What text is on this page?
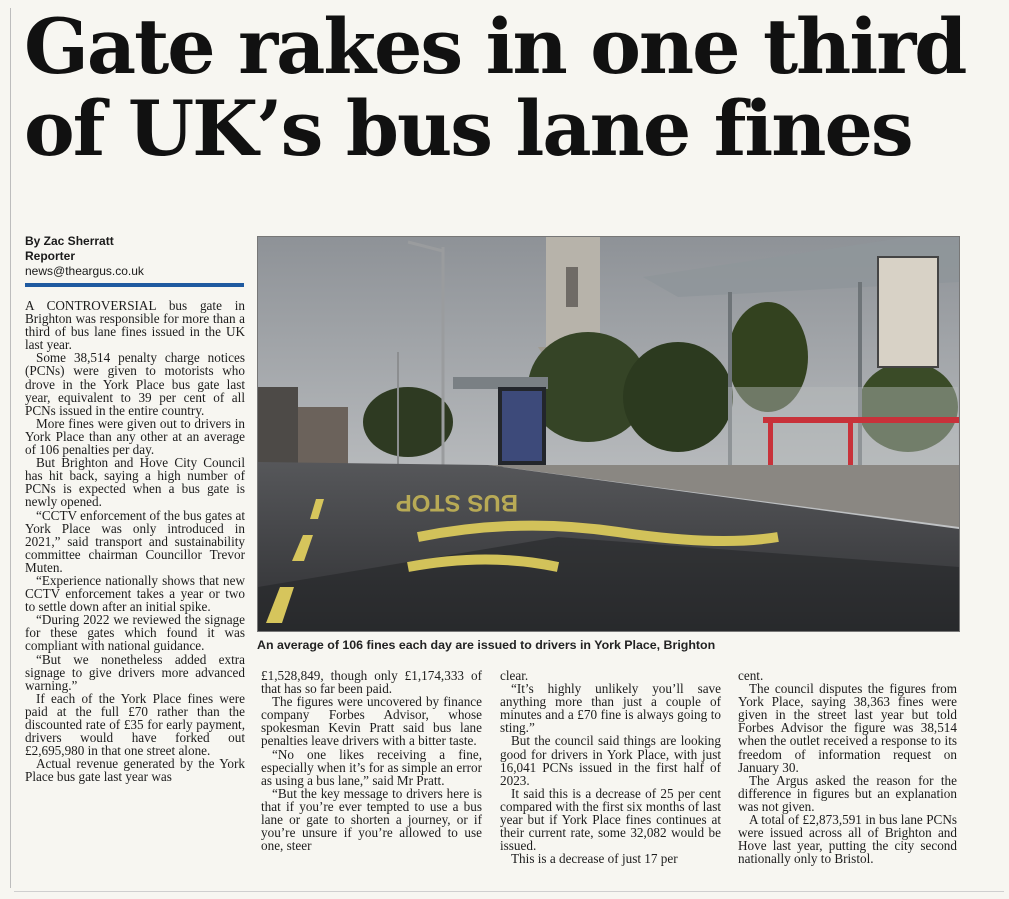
Gate rakes in one third
of UK’s bus lane fines
By Zac Sherratt
Reporter
news@theargus.co.uk

A CONTROVERSIAL bus gate in Brighton was responsible for more than a third of bus lane fines issued in the UK last year.

Some 38,514 penalty charge notices (PCNs) were given to motorists who drove in the York Place bus gate last year, equivalent to 39 per cent of all PCNs issued in the entire country.

More fines were given out to drivers in York Place than any other at an average of 106 penalties per day.

But Brighton and Hove City Council has hit back, saying a high number of PCNs is expected when a bus gate is newly opened.

“CCTV enforcement of the bus gates at York Place was only introduced in 2021,” said transport and sustainability committee chairman Councillor Trevor Muten.

“Experience nationally shows that new CCTV enforcement takes a year or two to settle down after an initial spike.

“During 2022 we reviewed the signage for these gates which found it was compliant with national guidance.

“But we nonetheless added extra signage to give drivers more advanced warning.”

If each of the York Place fines were paid at the full £70 rather than the discounted rate of £35 for early payment, drivers would have forked out £2,695,980 in that one street alone.

Actual revenue generated by the York Place bus gate last year was

BUS STOP

An average of 106 fines each day are issued to drivers in York Place, Brighton

£1,528,849, though only £1,174,333 of that has so far been paid.

The figures were uncovered by finance company Forbes Advisor, whose spokesman Kevin Pratt said bus lane penalties leave drivers with a bitter taste.

“No one likes receiving a fine, especially when it’s for as simple an error as using a bus lane,” said Mr Pratt.

“But the key message to drivers here is that if you’re ever tempted to use a bus lane or gate to shorten a journey, or if you’re unsure if you’re allowed to use one, steer

clear.

“It’s highly unlikely you’ll save anything more than just a couple of minutes and a £70 fine is always going to sting.”

But the council said things are looking good for drivers in York Place, with just 16,041 PCNs issued in the first half of 2023.

It said this is a decrease of 25 per cent compared with the first six months of last year but if York Place fines continues at their current rate, some 32,082 would be issued.

This is a decrease of just 17 per

cent.

The council disputes the figures from York Place, saying 38,363 fines were given in the street last year but told Forbes Advisor the figure was 38,514 when the outlet received a response to its freedom of information request on January 30.

The Argus asked the reason for the difference in figures but an explanation was not given.

A total of £2,873,591 in bus lane PCNs were issued across all of Brighton and Hove last year, putting the city second nationally only to Bristol.
